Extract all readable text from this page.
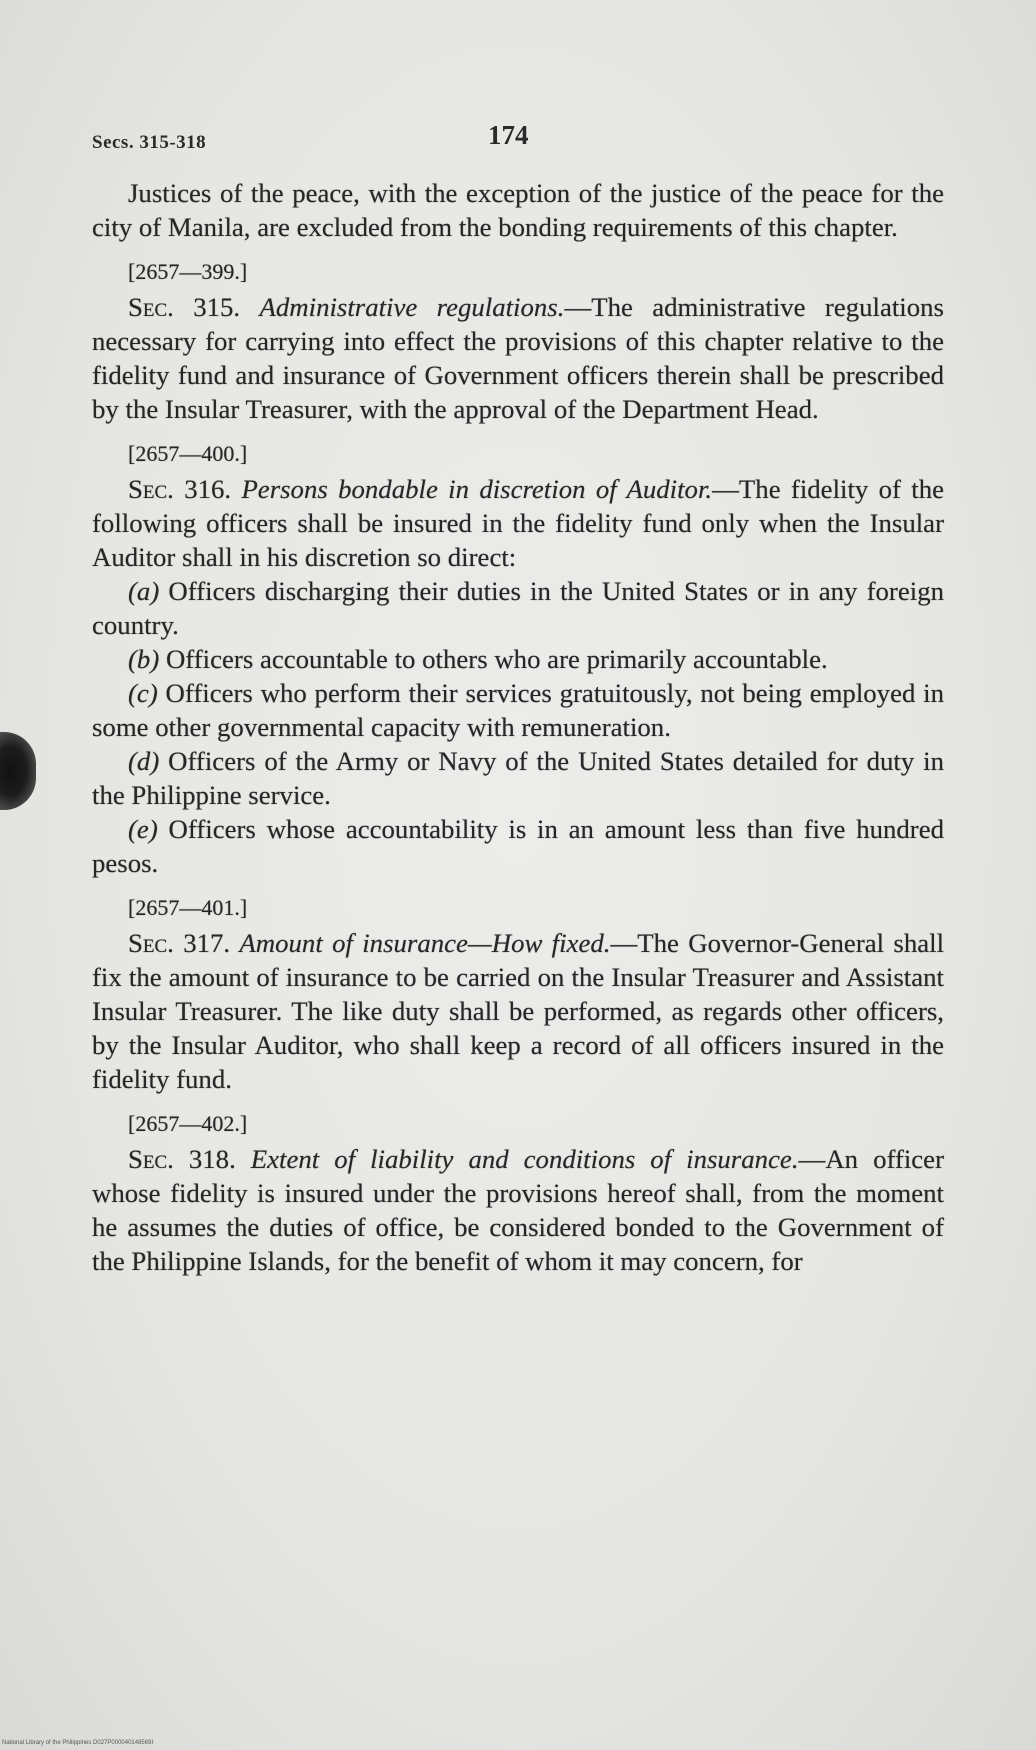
Secs. 315-318	174

Justices of the peace, with the exception of the justice of the peace for the city of Manila, are excluded from the bonding requirements of this chapter.

[2657—399.]

Sec. 315. Administrative regulations.—The administrative regulations necessary for carrying into effect the provisions of this chapter relative to the fidelity fund and insurance of Government officers therein shall be prescribed by the Insular Treasurer, with the approval of the Department Head.

[2657—400.]

Sec. 316. Persons bondable in discretion of Auditor.—The fidelity of the following officers shall be insured in the fidelity fund only when the Insular Auditor shall in his discretion so direct:

(a) Officers discharging their duties in the United States or in any foreign country.

(b) Officers accountable to others who are primarily accountable.

(c) Officers who perform their services gratuitously, not being employed in some other governmental capacity with remuneration.

(d) Officers of the Army or Navy of the United States detailed for duty in the Philippine service.

(e) Officers whose accountability is in an amount less than five hundred pesos.

[2657—401.]

Sec. 317. Amount of insurance—How fixed.—The Governor-General shall fix the amount of insurance to be carried on the Insular Treasurer and Assistant Insular Treasurer. The like duty shall be performed, as regards other officers, by the Insular Auditor, who shall keep a record of all officers insured in the fidelity fund.

[2657—402.]

Sec. 318. Extent of liability and conditions of insurance.—An officer whose fidelity is insured under the provisions hereof shall, from the moment he assumes the duties of office, be considered bonded to the Government of the Philippine Islands, for the benefit of whom it may concern, for

National Library of the Philippines D027P000040148569I
